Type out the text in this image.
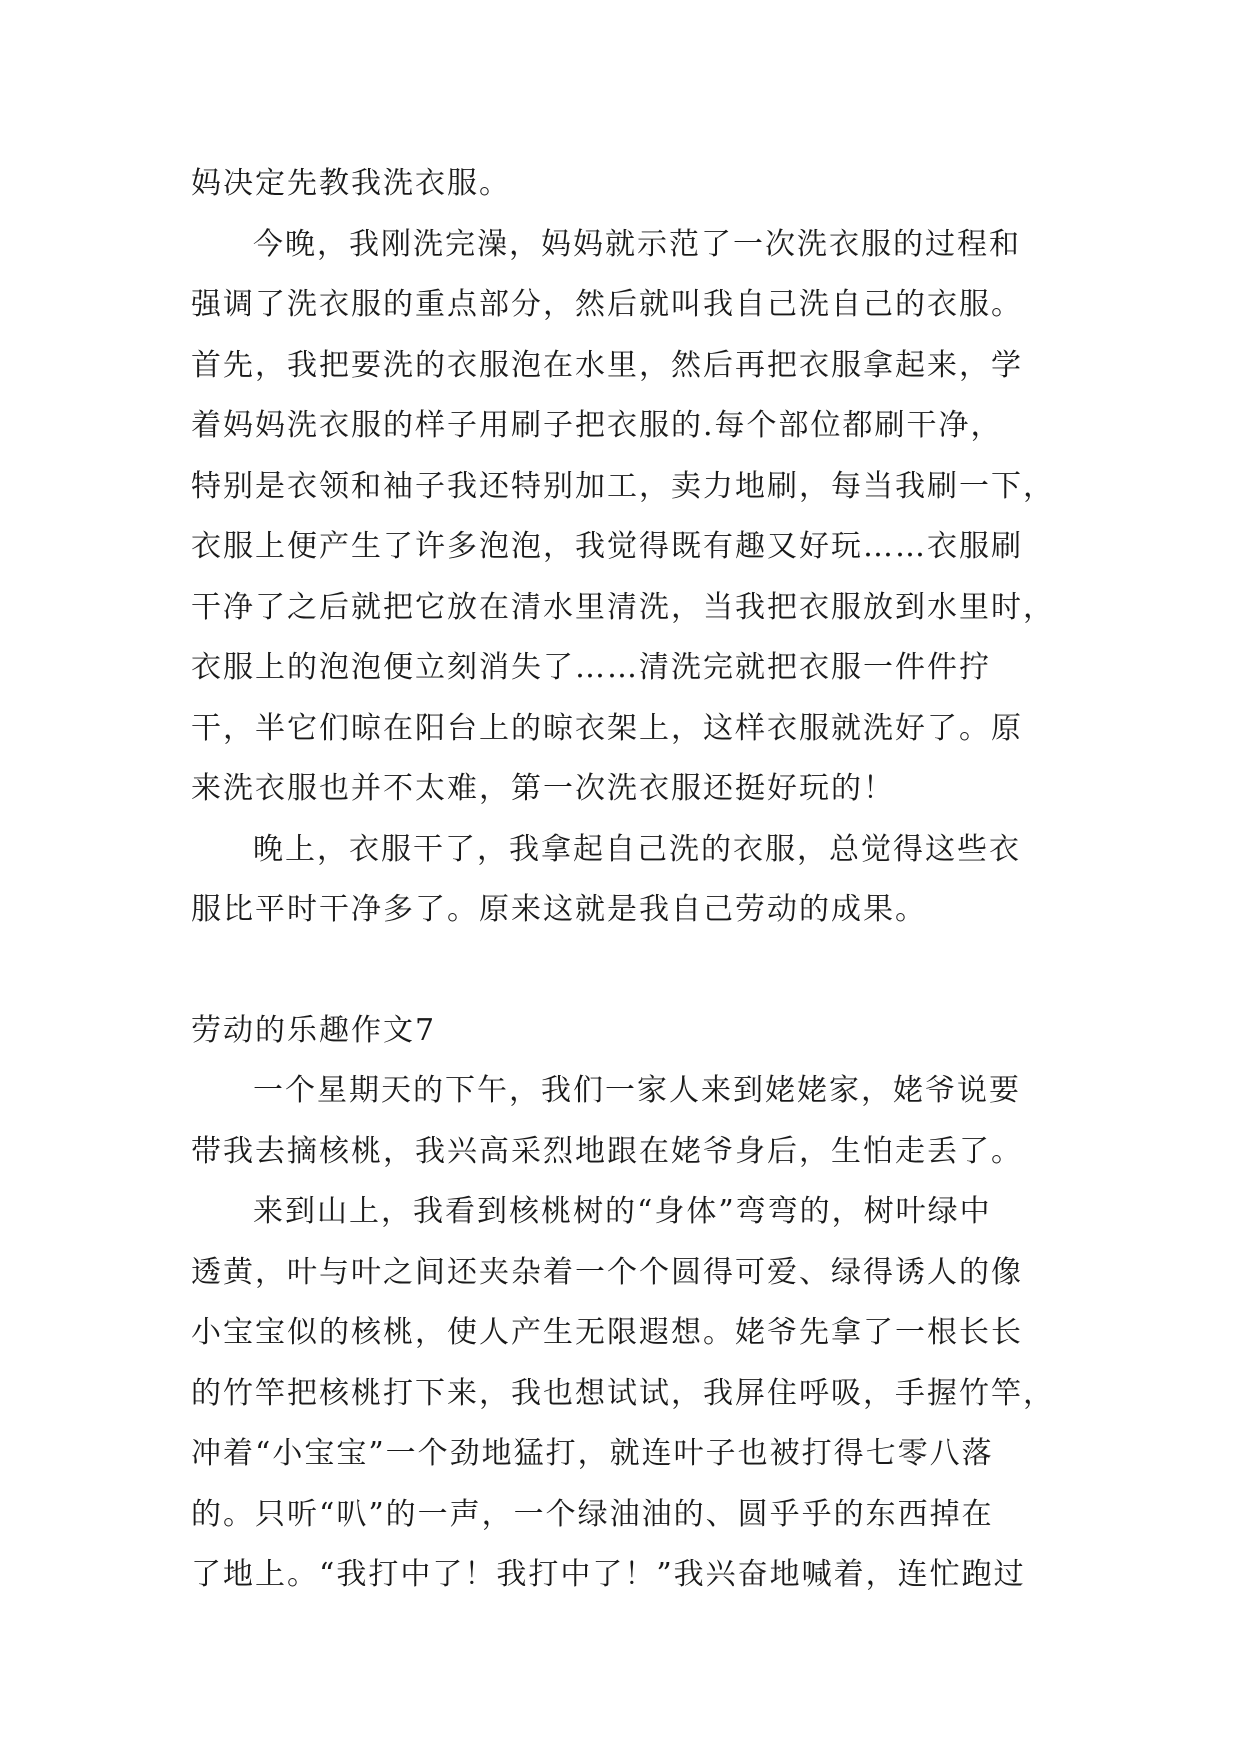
妈决定先教我洗衣服。
今晚，我刚洗完澡，妈妈就示范了一次洗衣服的过程和
强调了洗衣服的重点部分，然后就叫我自己洗自己的衣服。
首先，我把要洗的衣服泡在水里，然后再把衣服拿起来，学
着妈妈洗衣服的样子用刷子把衣服的.每个部位都刷干净，
特别是衣领和袖子我还特别加工，卖力地刷，每当我刷一下，
衣服上便产生了许多泡泡，我觉得既有趣又好玩……衣服刷
干净了之后就把它放在清水里清洗，当我把衣服放到水里时，
衣服上的泡泡便立刻消失了……清洗完就把衣服一件件拧
干，半它们晾在阳台上的晾衣架上，这样衣服就洗好了。原
来洗衣服也并不太难，第一次洗衣服还挺好玩的！
晚上，衣服干了，我拿起自己洗的衣服，总觉得这些衣
服比平时干净多了。原来这就是我自己劳动的成果。
劳动的乐趣作文7
一个星期天的下午，我们一家人来到姥姥家，姥爷说要
带我去摘核桃，我兴高采烈地跟在姥爷身后，生怕走丢了。
来到山上，我看到核桃树的“身体”弯弯的，树叶绿中
透黄，叶与叶之间还夹杂着一个个圆得可爱、绿得诱人的像
小宝宝似的核桃，使人产生无限遐想。姥爷先拿了一根长长
的竹竿把核桃打下来，我也想试试，我屏住呼吸，手握竹竿，
冲着“小宝宝”一个劲地猛打，就连叶子也被打得七零八落
的。只听“叭”的一声，一个绿油油的、圆乎乎的东西掉在
了地上。“我打中了！我打中了！”我兴奋地喊着，连忙跑过
